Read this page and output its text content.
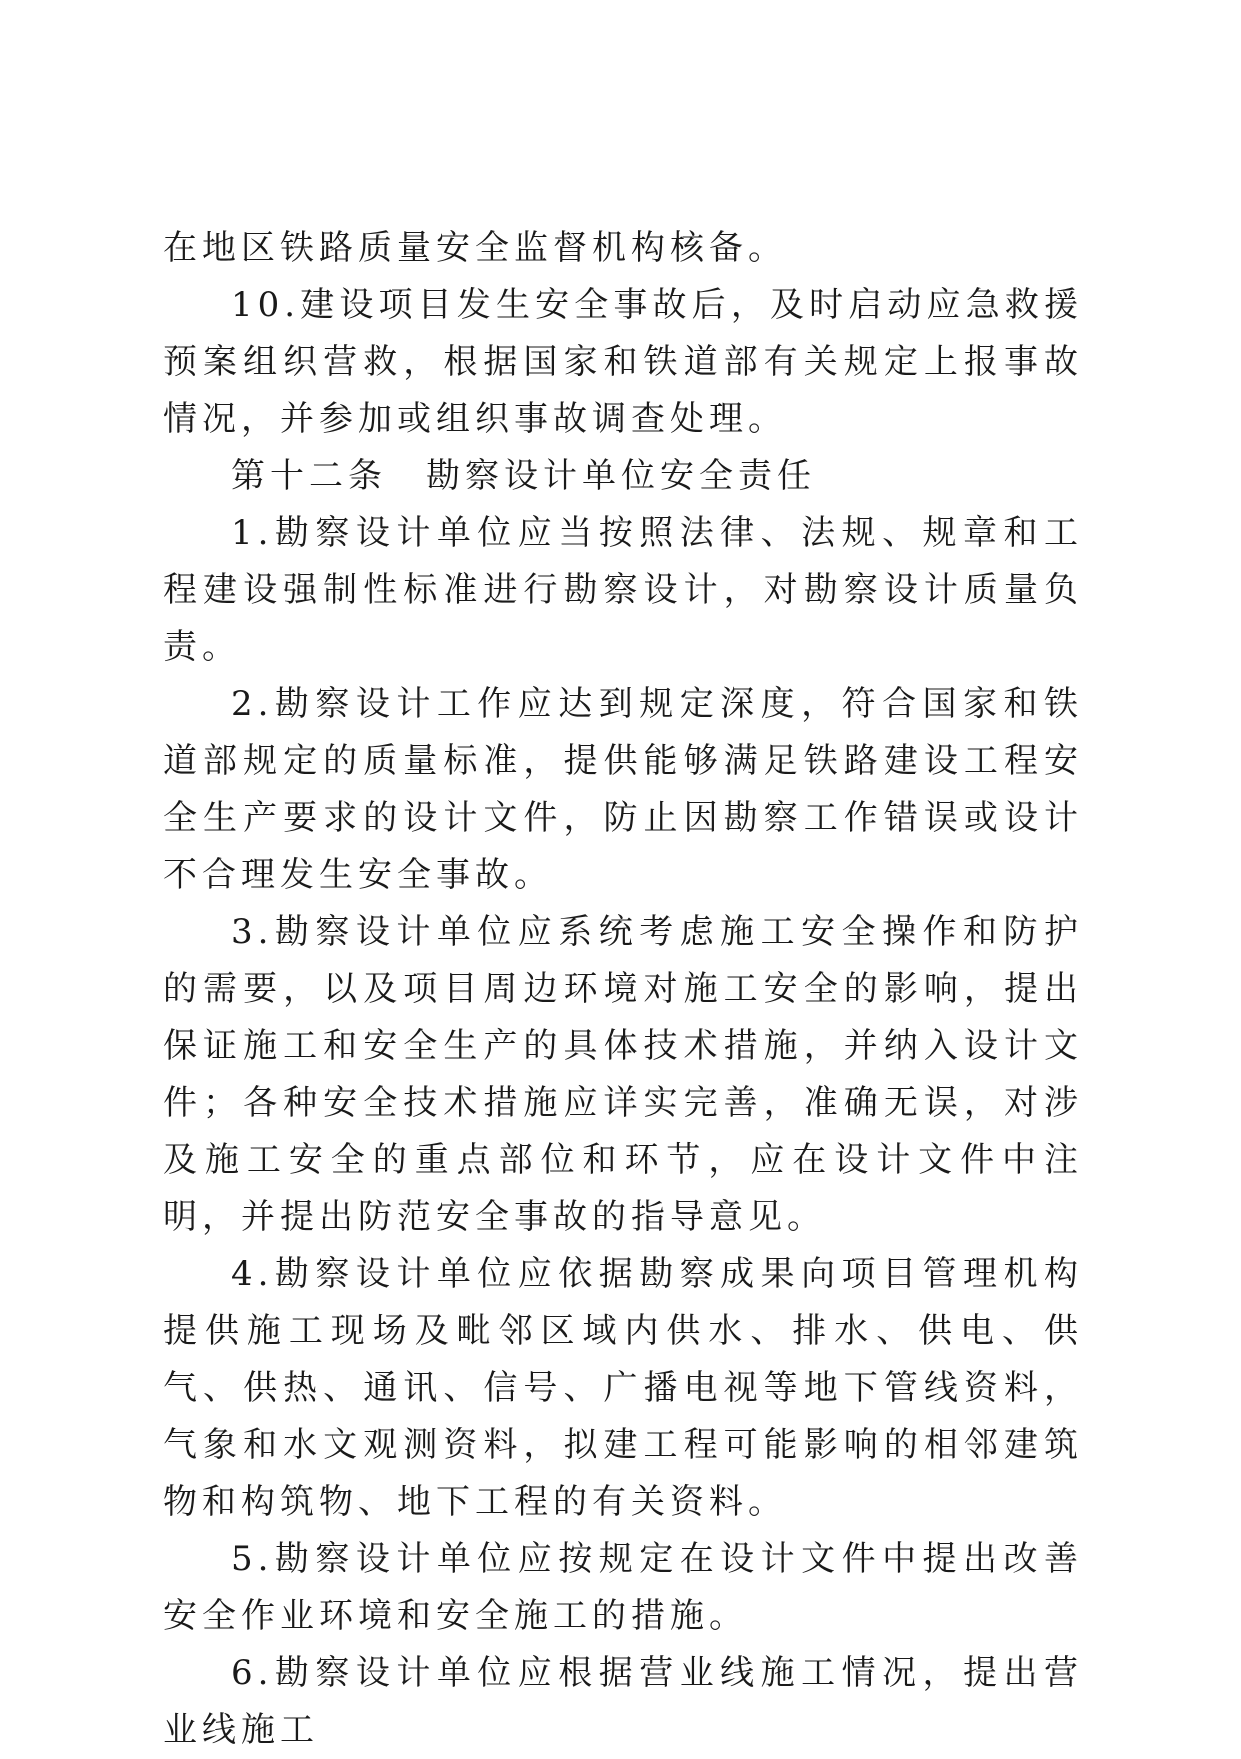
在地区铁路质量安全监督机构核备。

10.建设项目发生安全事故后，及时启动应急救援预案组织营救，根据国家和铁道部有关规定上报事故情况，并参加或组织事故调查处理。

第十二条　勘察设计单位安全责任

1.勘察设计单位应当按照法律、法规、规章和工程建设强制性标准进行勘察设计，对勘察设计质量负责。

2.勘察设计工作应达到规定深度，符合国家和铁道部规定的质量标准，提供能够满足铁路建设工程安全生产要求的设计文件，防止因勘察工作错误或设计不合理发生安全事故。

3.勘察设计单位应系统考虑施工安全操作和防护的需要，以及项目周边环境对施工安全的影响，提出保证施工和安全生产的具体技术措施，并纳入设计文件；各种安全技术措施应详实完善，准确无误，对涉及施工安全的重点部位和环节，应在设计文件中注明，并提出防范安全事故的指导意见。

4.勘察设计单位应依据勘察成果向项目管理机构提供施工现场及毗邻区域内供水、排水、供电、供气、供热、通讯、信号、广播电视等地下管线资料，气象和水文观测资料，拟建工程可能影响的相邻建筑物和构筑物、地下工程的有关资料。

5.勘察设计单位应按规定在设计文件中提出改善安全作业环境和安全施工的措施。

6.勘察设计单位应根据营业线施工情况，提出营业线施工
